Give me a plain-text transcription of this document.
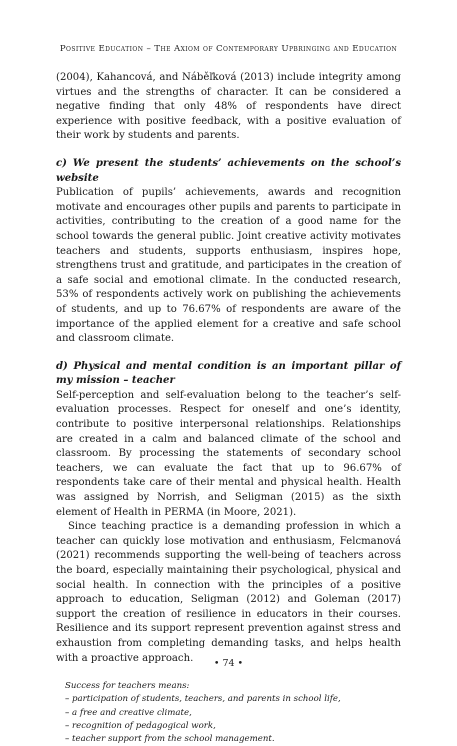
Positive Education – The Axiom of Contemporary Upbringing and Education

(2004), Kahancová, and Náběľková (2013) include integrity among virtues and the strengths of character. It can be considered a negative finding that only 48% of respondents have direct experience with positive feedback, with a positive evaluation of their work by students and parents.

c) We present the students’ achievements on the school’s website

Publication of pupils’ achievements, awards and recognition motivate and encourages other pupils and parents to participate in activities, contributing to the creation of a good name for the school towards the general public. Joint creative activity motivates teachers and students, supports enthusiasm, inspires hope, strengthens trust and gratitude, and participates in the creation of a safe social and emotional climate. In the conducted research, 53% of respondents actively work on publishing the achievements of students, and up to 76.67% of respondents are aware of the importance of the applied element for a creative and safe school and classroom climate.

d) Physical and mental condition is an important pillar of my mission – teacher

Self-perception and self-evaluation belong to the teacher’s self-evaluation processes. Respect for oneself and one’s identity, contribute to positive interpersonal relationships. Relationships are created in a calm and balanced climate of the school and classroom. By processing the statements of secondary school teachers, we can evaluate the fact that up to 96.67% of respondents take care of their mental and physical health. Health was assigned by Norrish, and Seligman (2015) as the sixth element of Health in PERMA (in Moore, 2021).

Since teaching practice is a demanding profession in which a teacher can quickly lose motivation and enthusiasm, Felcmanová (2021) recommends supporting the well-being of teachers across the board, especially maintaining their psychological, physical and social health. In connection with the principles of a positive approach to education, Seligman (2012) and Goleman (2017) support the creation of resilience in educators in their courses. Resilience and its support represent prevention against stress and exhaustion from completing demanding tasks, and helps health with a proactive approach.

Success for teachers means:
– participation of students, teachers, and parents in school life,
– a free and creative climate,
– recognition of pedagogical work,
– teacher support from the school management.
• 74 •
